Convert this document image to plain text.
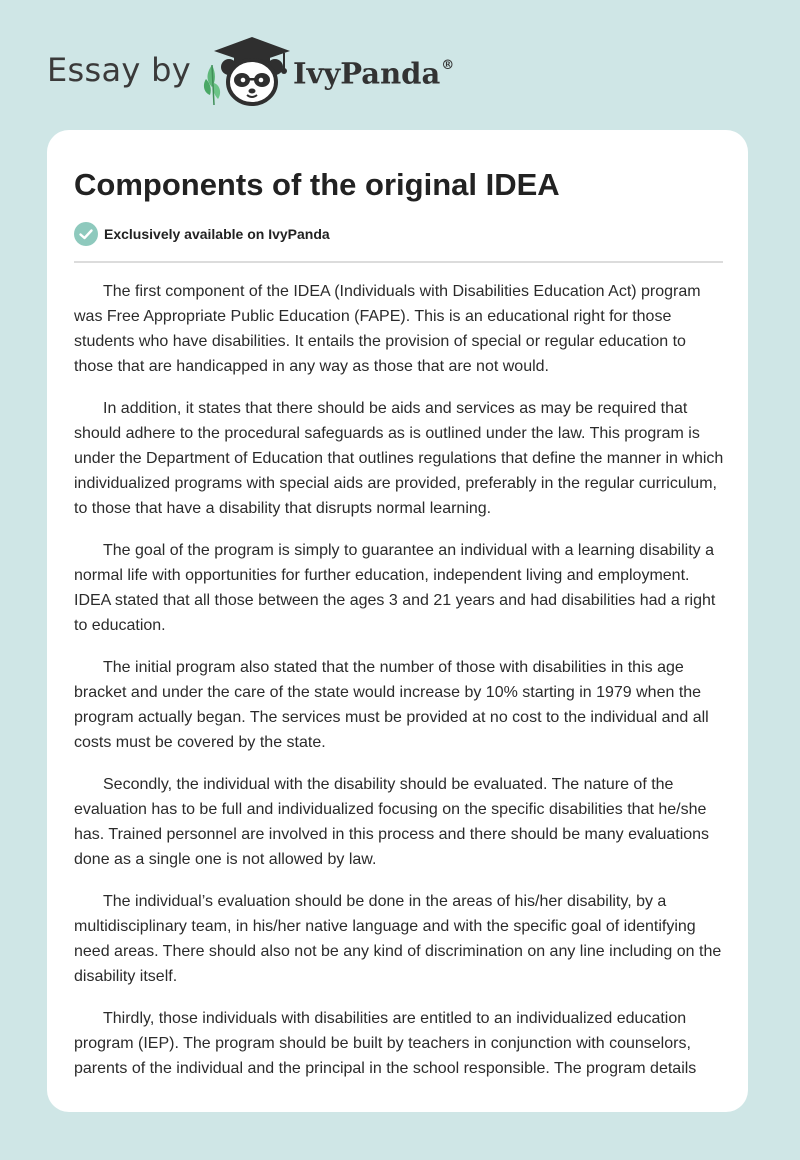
Essay by	IvyPanda®
Components of the original IDEA
Exclusively available on IvyPanda

The first component of the IDEA (Individuals with Disabilities Education Act) program was Free Appropriate Public Education (FAPE). This is an educational right for those students who have disabilities. It entails the provision of special or regular education to those that are handicapped in any way as those that are not would.

In addition, it states that there should be aids and services as may be required that should adhere to the procedural safeguards as is outlined under the law. This program is under the Department of Education that outlines regulations that define the manner in which individualized programs with special aids are provided, preferably in the regular curriculum, to those that have a disability that disrupts normal learning.

The goal of the program is simply to guarantee an individual with a learning disability a normal life with opportunities for further education, independent living and employment. IDEA stated that all those between the ages 3 and 21 years and had disabilities had a right to education.

The initial program also stated that the number of those with disabilities in this age bracket and under the care of the state would increase by 10% starting in 1979 when the program actually began. The services must be provided at no cost to the individual and all costs must be covered by the state.

Secondly, the individual with the disability should be evaluated. The nature of the evaluation has to be full and individualized focusing on the specific disabilities that he/she has. Trained personnel are involved in this process and there should be many evaluations done as a single one is not allowed by law.

The individual’s evaluation should be done in the areas of his/her disability, by a multidisciplinary team, in his/her native language and with the specific goal of identifying need areas. There should also not be any kind of discrimination on any line including on the disability itself.

Thirdly, those individuals with disabilities are entitled to an individualized education program (IEP). The program should be built by teachers in conjunction with counselors, parents of the individual and the principal in the school responsible. The program details
